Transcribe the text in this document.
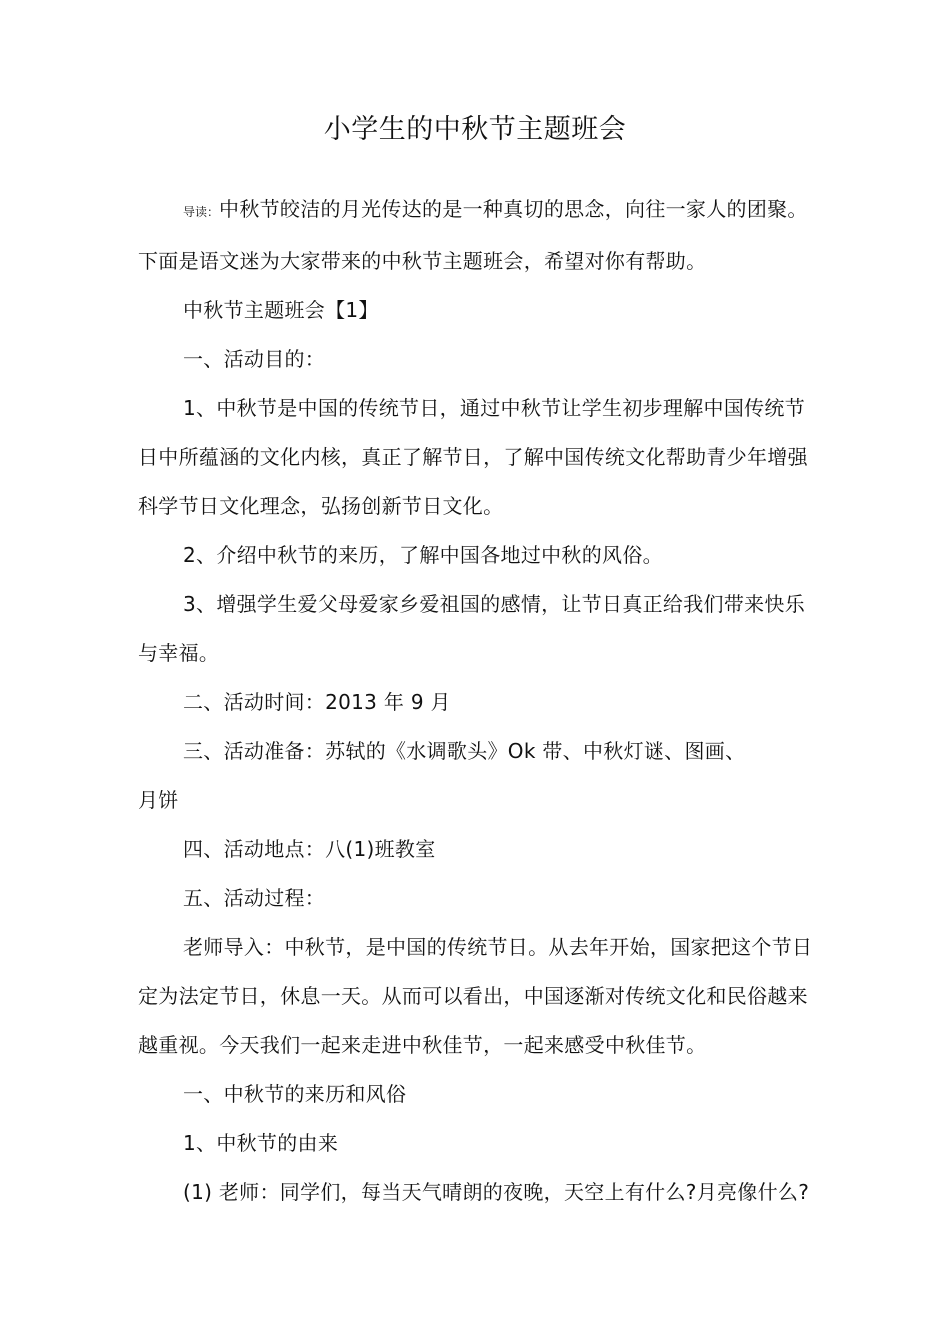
小学生的中秋节主题班会

导读：中秋节皎洁的月光传达的是一种真切的思念，向往一家人的团聚。下面是语文迷为大家带来的中秋节主题班会，希望对你有帮助。

中秋节主题班会【1】

一、活动目的：

1、中秋节是中国的传统节日，通过中秋节让学生初步理解中国传统节日中所蕴涵的文化内核，真正了解节日，了解中国传统文化帮助青少年增强科学节日文化理念，弘扬创新节日文化。

2、介绍中秋节的来历，了解中国各地过中秋的风俗。

3、增强学生爱父母爱家乡爱祖国的感情，让节日真正给我们带来快乐与幸福。

二、活动时间：2013 年 9 月

三、活动准备：苏轼的《水调歌头》Ok 带、中秋灯谜、图画、

月饼

四、活动地点：八(1)班教室

五、活动过程：

老师导入：中秋节，是中国的传统节日。从去年开始，国家把这个节日定为法定节日，休息一天。从而可以看出，中国逐渐对传统文化和民俗越来越重视。今天我们一起来走进中秋佳节，一起来感受中秋佳节。

一、中秋节的来历和风俗

1、中秋节的由来

(1) 老师：同学们，每当天气晴朗的夜晚，天空上有什么?月亮像什么?
